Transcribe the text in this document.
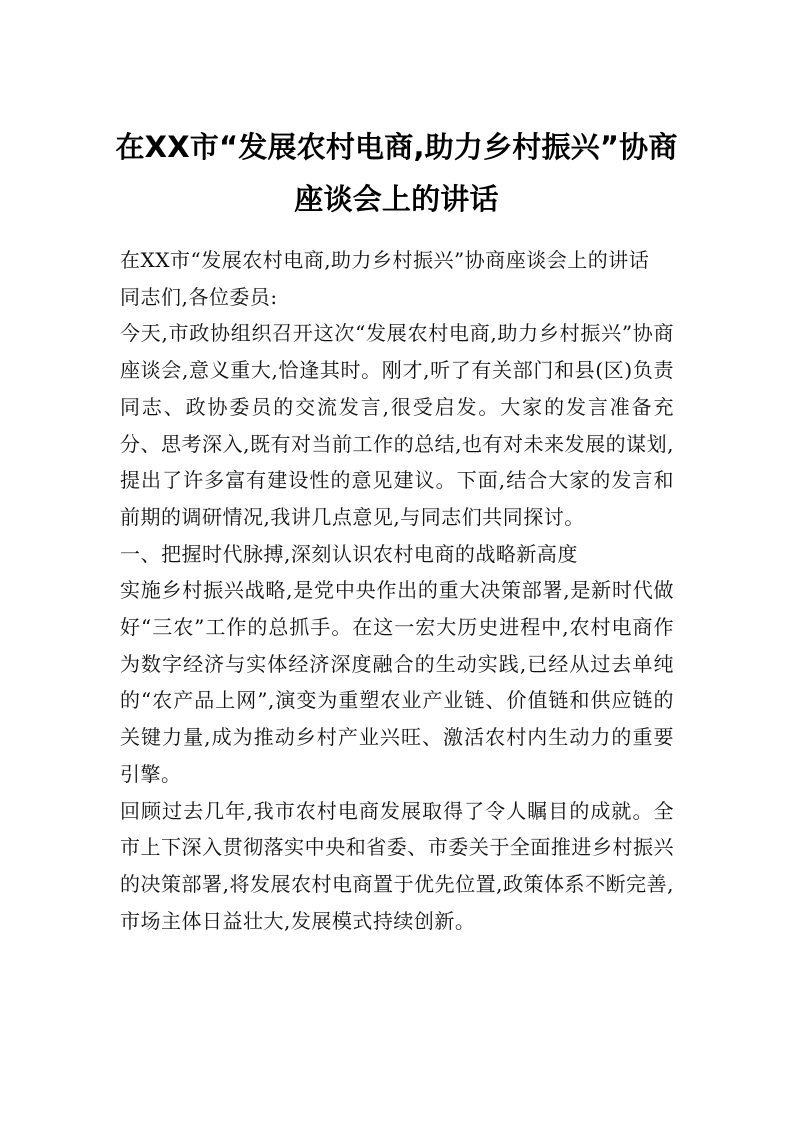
在XX市“发展农村电商,助力乡村振兴”协商座谈会上的讲话

在XX市“发展农村电商,助力乡村振兴”协商座谈会上的讲话

同志们,各位委员:

今天,市政协组织召开这次“发展农村电商,助力乡村振兴”协商座谈会,意义重大,恰逢其时。刚才,听了有关部门和县(区)负责同志、政协委员的交流发言,很受启发。大家的发言准备充分、思考深入,既有对当前工作的总结,也有对未来发展的谋划,提出了许多富有建设性的意见建议。下面,结合大家的发言和前期的调研情况,我讲几点意见,与同志们共同探讨。

一、把握时代脉搏,深刻认识农村电商的战略新高度

实施乡村振兴战略,是党中央作出的重大决策部署,是新时代做好“三农”工作的总抓手。在这一宏大历史进程中,农村电商作为数字经济与实体经济深度融合的生动实践,已经从过去单纯的“农产品上网”,演变为重塑农业产业链、价值链和供应链的关键力量,成为推动乡村产业兴旺、激活农村内生动力的重要引擎。

回顾过去几年,我市农村电商发展取得了令人瞩目的成就。全市上下深入贯彻落实中央和省委、市委关于全面推进乡村振兴的决策部署,将发展农村电商置于优先位置,政策体系不断完善,市场主体日益壮大,发展模式持续创新。
